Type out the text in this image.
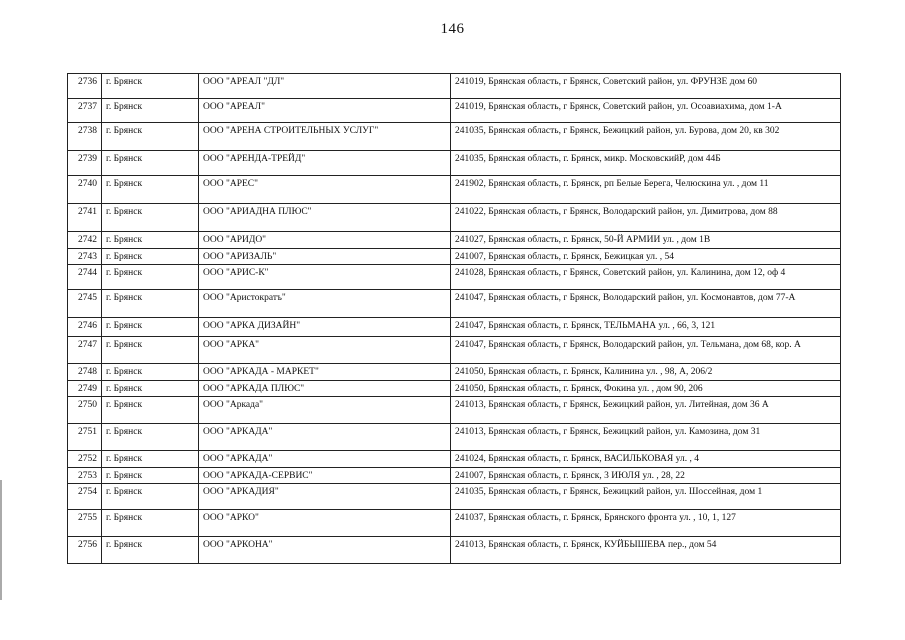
146
2736	г. Брянск	ООО "АРЕАЛ "ДЛ"	241019, Брянская область, г Брянск, Советский район, ул. ФРУНЗЕ дом 60
2737	г. Брянск	ООО "АРЕАЛ"	241019, Брянская область, г Брянск, Советский район, ул. Осоавиахима, дом 1-А
2738	г. Брянск	ООО "АРЕНА СТРОИТЕЛЬНЫХ УСЛУГ"	241035, Брянская область, г Брянск, Бежицкий район, ул. Бурова, дом 20, кв 302
2739	г. Брянск	ООО "АРЕНДА-ТРЕЙД"	241035, Брянская область, г. Брянск, микр. МосковскийР, дом 44Б
2740	г. Брянск	ООО "АРЕС"	241902, Брянская область, г. Брянск, рп Белые Берега, Челюскина ул. , дом 11
2741	г. Брянск	ООО "АРИАДНА ПЛЮС"	241022, Брянская область, г Брянск, Володарский район, ул. Димитрова, дом 88
2742	г. Брянск	ООО "АРИДО"	241027, Брянская область, г. Брянск, 50-Й АРМИИ ул. , дом 1В
2743	г. Брянск	ООО "АРИЗАЛЬ"	241007, Брянская область, г. Брянск, Бежицкая ул. , 54
2744	г. Брянск	ООО "АРИС-К"	241028, Брянская область, г Брянск, Советский район, ул. Калинина, дом 12, оф 4
2745	г. Брянск	ООО "Аристократъ"	241047, Брянская область, г Брянск, Володарский район, ул. Космонавтов, дом 77-А
2746	г. Брянск	ООО "АРКА ДИЗАЙН"	241047, Брянская область, г. Брянск, ТЕЛЬМАНА ул. , 66, 3, 121
2747	г. Брянск	ООО "АРКА"	241047, Брянская область, г Брянск, Володарский район, ул. Тельмана, дом 68, кор. А
2748	г. Брянск	ООО "АРКАДА - МАРКЕТ"	241050, Брянская область, г. Брянск, Калинина ул. , 98, А, 206/2
2749	г. Брянск	ООО "АРКАДА ПЛЮС"	241050, Брянская область, г. Брянск, Фокина ул. , дом 90, 206
2750	г. Брянск	ООО "Аркада"	241013, Брянская область, г Брянск, Бежицкий район, ул. Литейная, дом 36 А
2751	г. Брянск	ООО "АРКАДА"	241013, Брянская область, г Брянск, Бежицкий район, ул. Камозина, дом 31
2752	г. Брянск	ООО "АРКАДА"	241024, Брянская область, г. Брянск, ВАСИЛЬКОВАЯ ул. , 4
2753	г. Брянск	ООО "АРКАДА-СЕРВИС"	241007, Брянская область, г. Брянск, 3 ИЮЛЯ ул. , 28, 22
2754	г. Брянск	ООО "АРКАДИЯ"	241035, Брянская область, г Брянск, Бежицкий район, ул. Шоссейная, дом 1
2755	г. Брянск	ООО "АРКО"	241037, Брянская область, г. Брянск, Брянского фронта ул. , 10, 1, 127
2756	г. Брянск	ООО "АРКОНА"	241013, Брянская область, г. Брянск, КУЙБЫШЕВА пер., дом 54
